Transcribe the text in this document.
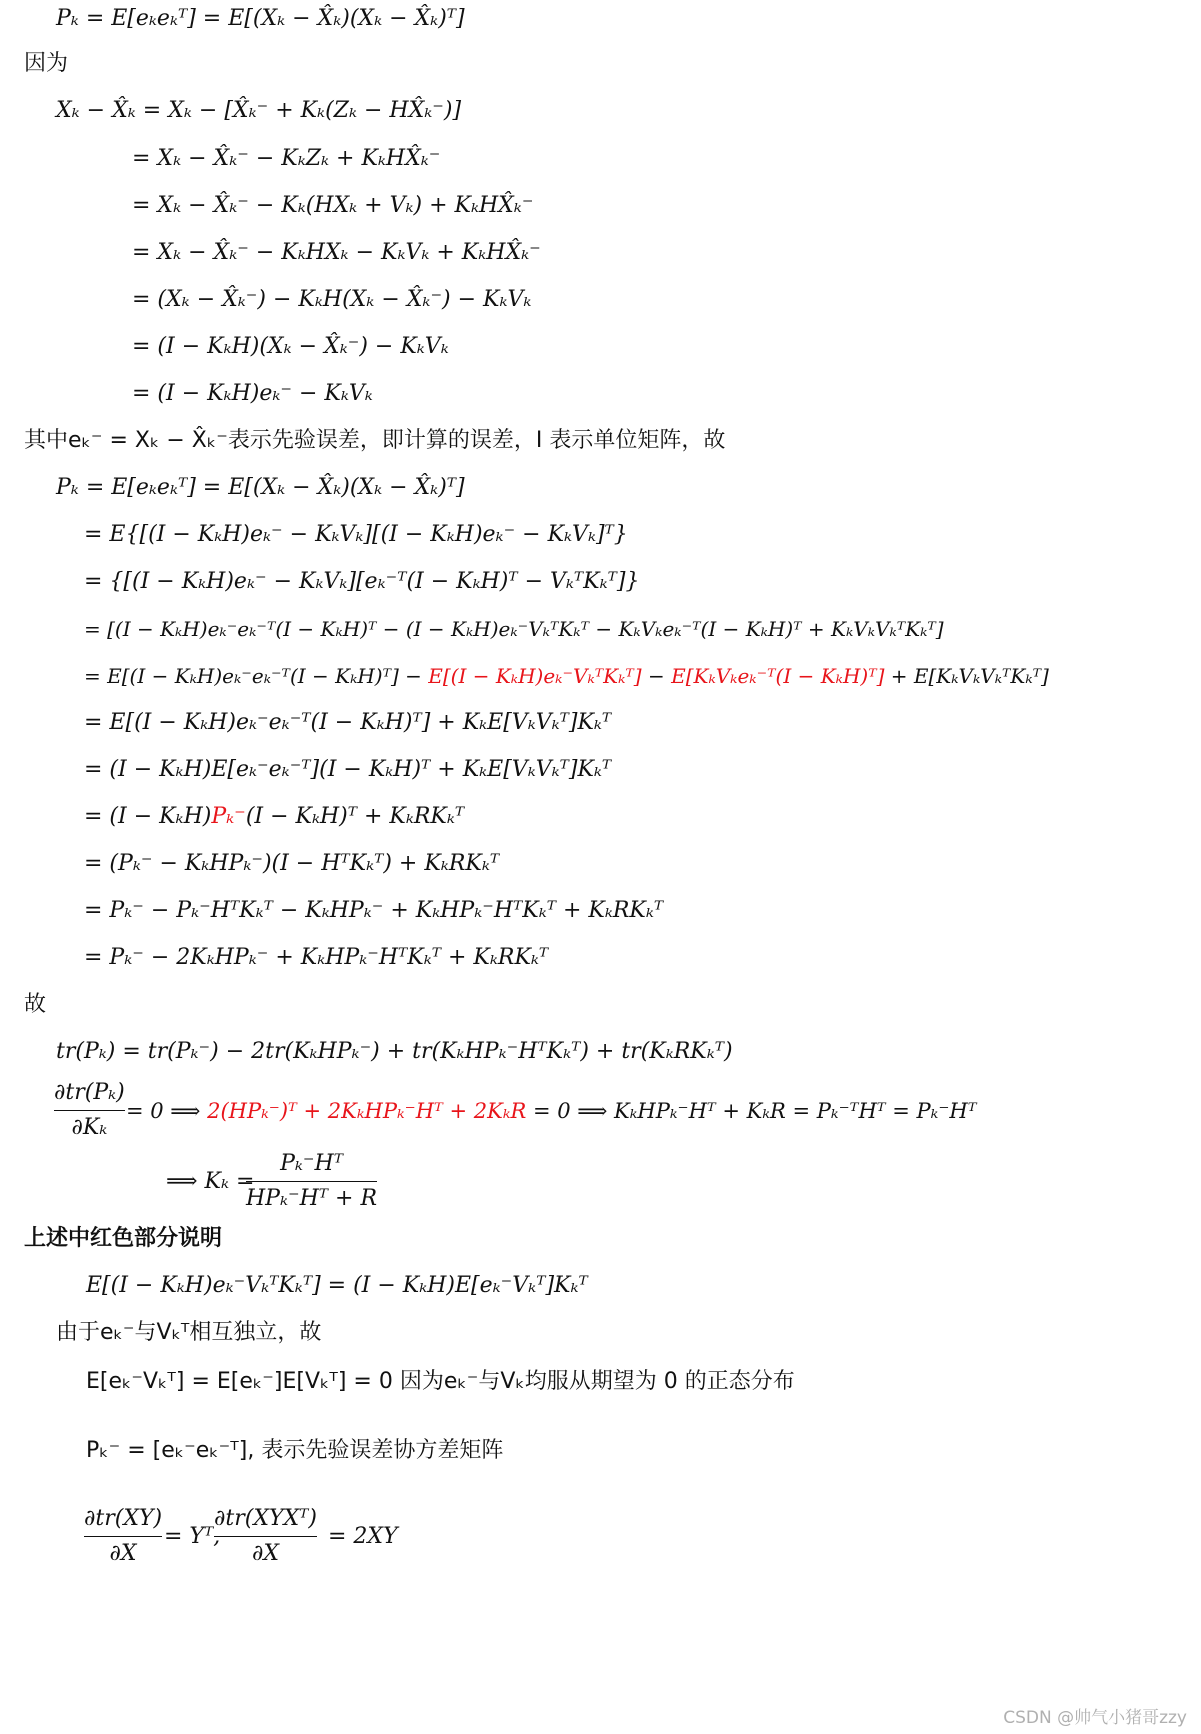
Pₖ = E[eₖeₖᵀ] = E[(Xₖ − X̂ₖ)(Xₖ − X̂ₖ)ᵀ]
因为
Xₖ − X̂ₖ = Xₖ − [X̂ₖ⁻ + Kₖ(Zₖ − HX̂ₖ⁻)]
= Xₖ − X̂ₖ⁻ − KₖZₖ + KₖHX̂ₖ⁻
= Xₖ − X̂ₖ⁻ − Kₖ(HXₖ + Vₖ) + KₖHX̂ₖ⁻
= Xₖ − X̂ₖ⁻ − KₖHXₖ − KₖVₖ + KₖHX̂ₖ⁻
= (Xₖ − X̂ₖ⁻) − KₖH(Xₖ − X̂ₖ⁻) − KₖVₖ
= (I − KₖH)(Xₖ − X̂ₖ⁻) − KₖVₖ
= (I − KₖH)eₖ⁻ − KₖVₖ
其中eₖ⁻ = Xₖ − X̂ₖ⁻表示先验误差，即计算的误差，I 表示单位矩阵，故
Pₖ = E[eₖeₖᵀ] = E[(Xₖ − X̂ₖ)(Xₖ − X̂ₖ)ᵀ]
= E{[(I − KₖH)eₖ⁻ − KₖVₖ][(I − KₖH)eₖ⁻ − KₖVₖ]ᵀ}
= {[(I − KₖH)eₖ⁻ − KₖVₖ][eₖ⁻ᵀ(I − KₖH)ᵀ − VₖᵀKₖᵀ]}
= [(I − KₖH)eₖ⁻eₖ⁻ᵀ(I − KₖH)ᵀ − (I − KₖH)eₖ⁻VₖᵀKₖᵀ − KₖVₖeₖ⁻ᵀ(I − KₖH)ᵀ + KₖVₖVₖᵀKₖᵀ]
= E[(I − KₖH)eₖ⁻eₖ⁻ᵀ(I − KₖH)ᵀ] − E[(I − KₖH)eₖ⁻VₖᵀKₖᵀ] − E[KₖVₖeₖ⁻ᵀ(I − KₖH)ᵀ] + E[KₖVₖVₖᵀKₖᵀ]
= E[(I − KₖH)eₖ⁻eₖ⁻ᵀ(I − KₖH)ᵀ] + KₖE[VₖVₖᵀ]Kₖᵀ
= (I − KₖH)E[eₖ⁻eₖ⁻ᵀ](I − KₖH)ᵀ + KₖE[VₖVₖᵀ]Kₖᵀ
= (I − KₖH)Pₖ⁻(I − KₖH)ᵀ + KₖRKₖᵀ
= (Pₖ⁻ − KₖHPₖ⁻)(I − HᵀKₖᵀ) + KₖRKₖᵀ
= Pₖ⁻ − Pₖ⁻HᵀKₖᵀ − KₖHPₖ⁻ + KₖHPₖ⁻HᵀKₖᵀ + KₖRKₖᵀ
= Pₖ⁻ − 2KₖHPₖ⁻ + KₖHPₖ⁻HᵀKₖᵀ + KₖRKₖᵀ
故
tr(Pₖ) = tr(Pₖ⁻) − 2tr(KₖHPₖ⁻) + tr(KₖHPₖ⁻HᵀKₖᵀ) + tr(KₖRKₖᵀ)
∂tr(Pₖ)
∂Kₖ
= 0 ⟹ 2(HPₖ⁻)ᵀ + 2KₖHPₖ⁻Hᵀ + 2KₖR = 0 ⟹ KₖHPₖ⁻Hᵀ + KₖR = Pₖ⁻ᵀHᵀ = Pₖ⁻Hᵀ
⟹ Kₖ =
Pₖ⁻Hᵀ
HPₖ⁻Hᵀ + R
上述中红色部分说明
E[(I − KₖH)eₖ⁻VₖᵀKₖᵀ] = (I − KₖH)E[eₖ⁻Vₖᵀ]Kₖᵀ
由于eₖ⁻与Vₖᵀ相互独立，故
E[eₖ⁻Vₖᵀ] = E[eₖ⁻]E[Vₖᵀ] = 0 因为eₖ⁻与Vₖ均服从期望为 0 的正态分布
Pₖ⁻ = [eₖ⁻eₖ⁻ᵀ], 表示先验误差协方差矩阵
∂tr(XY)
∂X
= Yᵀ,
∂tr(XYXᵀ)
∂X
= 2XY
CSDN @帅气小猪哥zzy
